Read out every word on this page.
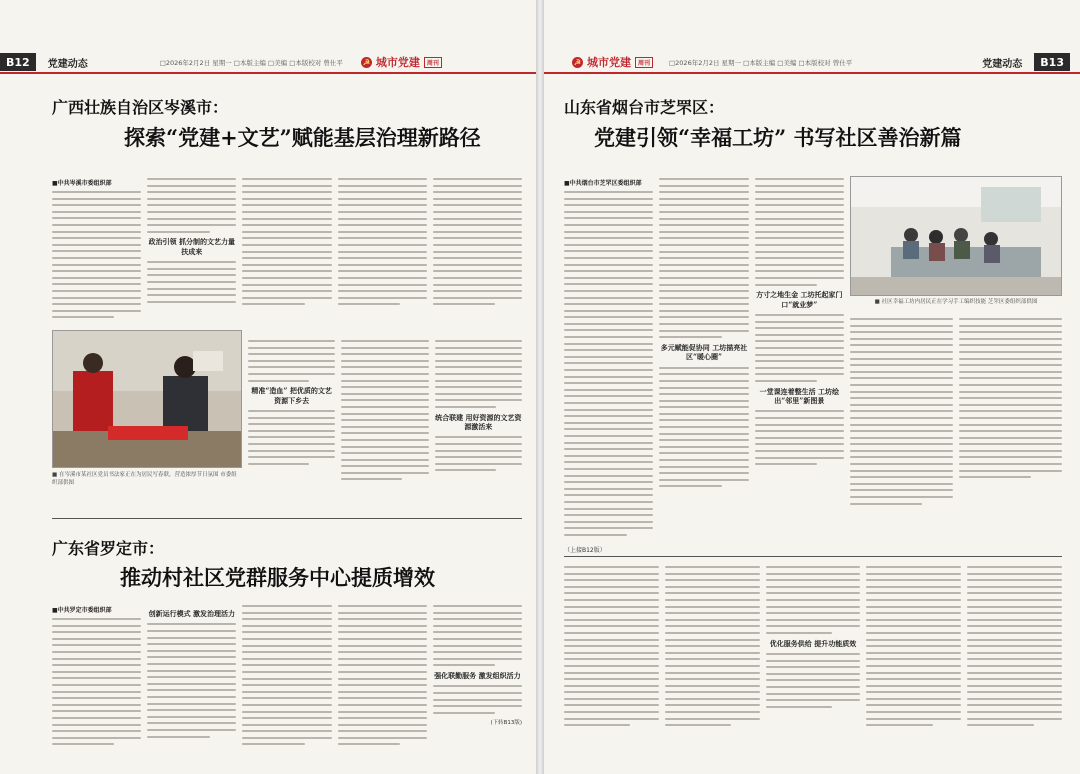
B12	党建动态	□2026年2月2日 星期一 □本版主编 □美编 □本版校对 曾仕平 ☭ 城市党建	周刊
广西壮族自治区岑溪市：
探索“党建+文艺”赋能基层治理新路径
■中共岑溪市委组织部
政治引领 抓分制的文艺力量扶成来
■ 在岑溪市某社区党员书法家正在为居民写春联，营造浓厚节日氛围 市委组织部供图
精准“造血” 把优质的文艺资源下乡去
统合联建 用好资源的文艺资源激活来
广东省罗定市：
推动村社区党群服务中心提质增效
■中共罗定市委组织部	创新运行模式 激发治理活力
强化联勤服务 激发组织活力
(下转B13版)
☭ 城市党建	周刊	□2026年2月2日 星期一 □本版主编 □美编 □本版校对 曾仕平	党建动态	B13
山东省烟台市芝罘区：
党建引领“幸福工坊” 书写社区善治新篇
■中共烟台市芝罘区委组织部
多元赋能促协同 工坊描亮社区“暖心圈”
方寸之地生金 工坊托起家门口“就业梦”
一堂课连着整生活 工坊绘出“邻里”新图景
■ 社区幸福工坊内居民正在学习手工编织技能 芝罘区委组织部供图
（上接B12版）
优化服务供给 提升功能质效
